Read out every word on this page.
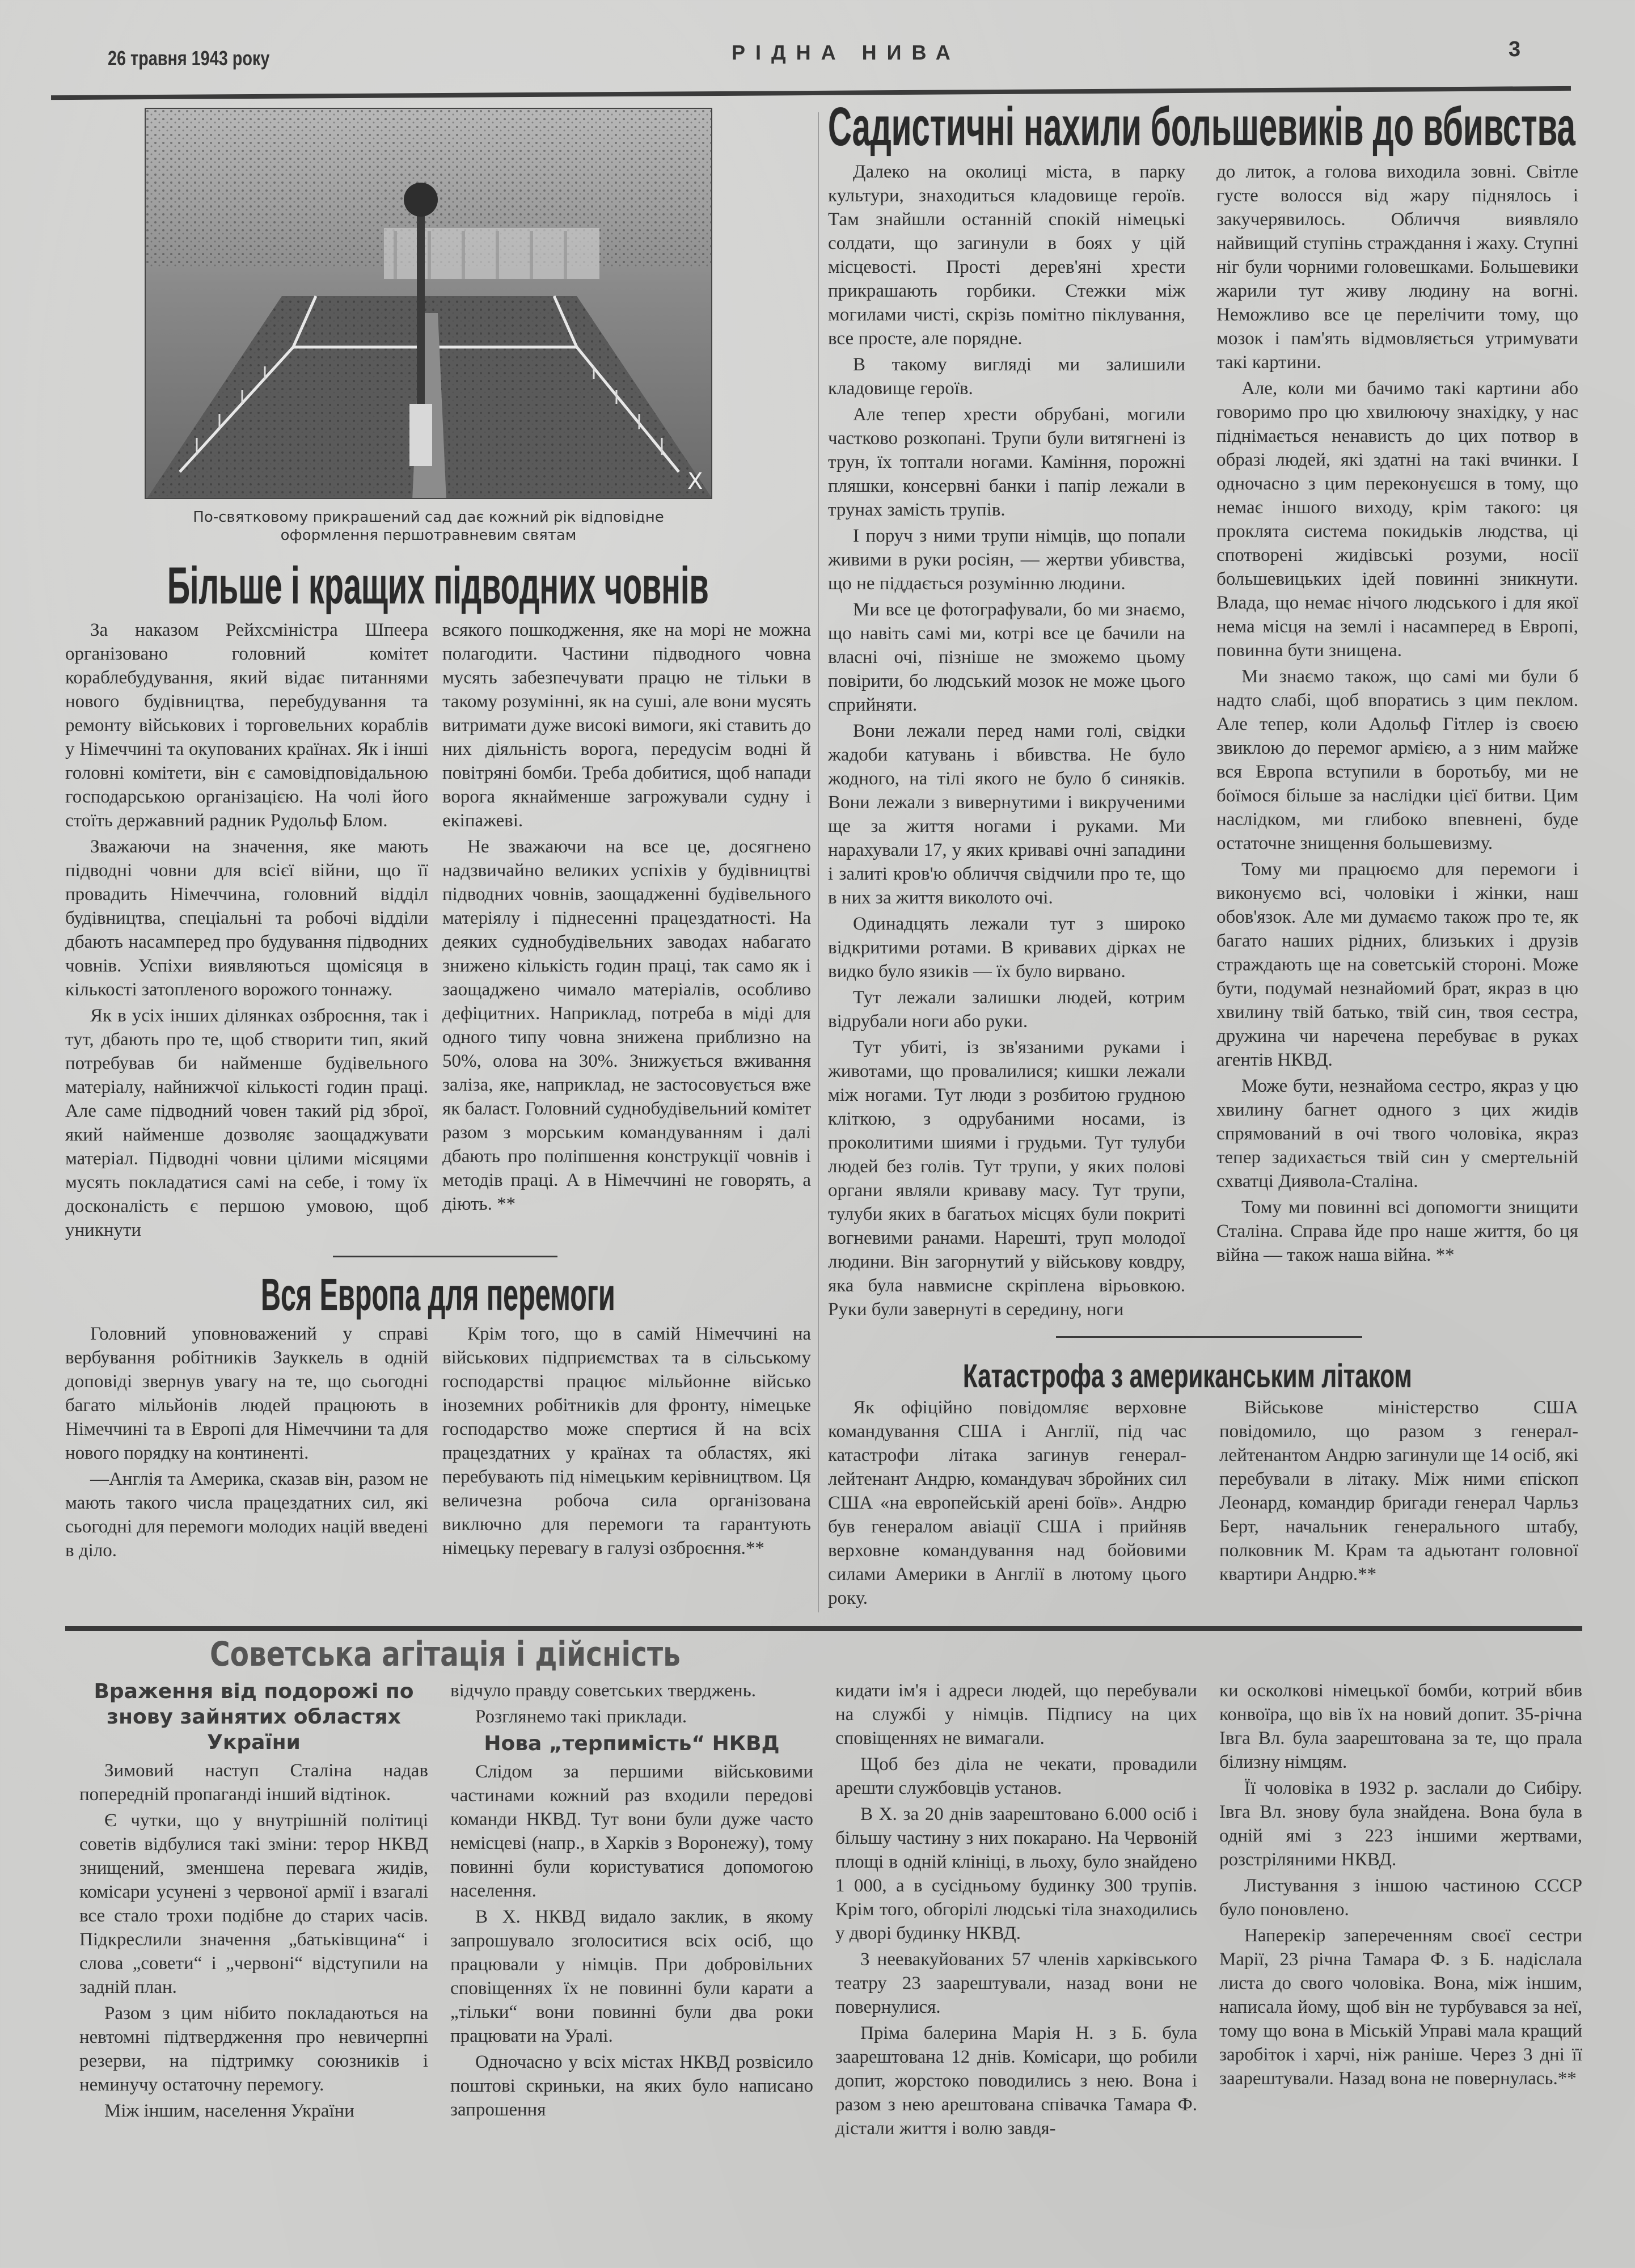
26 травня 1943 року	РІДНА НИВА	3
X
По-святковому прикрашений сад дає кожний рік відповідне оформлення першотравневим святам
Більше і кращих підводних човнів

За наказом Рейхсміністра Шпеера організовано головний комітет кораблебудування, який відає питаннями нового будівництва, перебудування та ремонту військових і торговельних кораблів у Німеччині та окупованих країнах. Як і інші головні комітети, він є самовідповідальною господарською організацією. На чолі його стоїть державний радник Рудольф Блом.

Зважаючи на значення, яке мають підводні човни для всієї війни, що її провадить Німеччина, головний відділ будівництва, спеціальні та робочі відділи дбають насамперед про будування підводних човнів. Успіхи виявляються щомісяця в кількості затопленого ворожого тоннажу.

Як в усіх інших ділянках озброєння, так і тут, дбають про те, щоб створити тип, який потребував би найменше будівельного матеріалу, найнижчої кількості годин праці. Але саме підводний човен такий рід зброї, який найменше дозволяє заощаджувати матеріал. Підводні човни цілими місяцями мусять покладатися самі на себе, і тому їх досконалість є першою умовою, щоб уникнути

всякого пошкодження, яке на морі не можна полагодити. Частини підводного човна мусять забезпечувати працю не тільки в такому розумінні, як на суші, але вони мусять витримати дуже високі вимоги, які ставить до них діяльність ворога, передусім водні й повітряні бомби. Треба добитися, щоб напади ворога якнайменше загрожували судну і екіпажеві.

Не зважаючи на все це, досягнено надзвичайно великих успіхів у будівництві підводних човнів, заощадженні будівельного матеріялу і піднесенні працездатності. На деяких суднобудівельних заводах набагато знижено кількість годин праці, так само як і заощаджено чимало матеріалів, особливо дефіцитних. Наприклад, потреба в міді для одного типу човна знижена приблизно на 50%, олова на 30%. Знижується вживання заліза, яке, наприклад, не застосовується вже як баласт. Головний суднобудівельний комітет разом з морським командуванням і далі дбають про поліпшення конструкції човнів і методів праці. А в Німеччині не говорять, а діють. **

Вся Европа для перемоги

Головний уповноважений у справі вербування робітників Зауккель в одній доповіді звернув увагу на те, що сьогодні багато мільйонів людей працюють в Німеччині та в Европі для Німеччини та для нового порядку на континенті.

—Англія та Америка, сказав він, разом не мають такого числа працездатних сил, які сьогодні для перемоги молодих націй введені в діло.

Крім того, що в самій Німеччині на військових підприємствах та в сільському господарстві працює мільйонне військо іноземних робітників для фронту, німецьке господарство може спертися й на всіх працездатних у країнах та областях, які перебувають під німецьким керівництвом. Ця величезна робоча сила організована виключно для перемоги та гарантують німецьку перевагу в галузі озброєння.**

Садистичні нахили большевиків до вбивства

Далеко на околиці міста, в парку культури, знаходиться кладовище героїв. Там знайшли останній спокій німецькі солдати, що загинули в боях у цій місцевості. Прості дерев'яні хрести прикрашають горбики. Стежки між могилами чисті, скрізь помітно піклування, все просте, але порядне.

В такому вигляді ми залишили кладовище героїв.

Але тепер хрести обрубані, могили частково розкопані. Трупи були витягнені із трун, їх топтали ногами. Каміння, порожні пляшки, консервні банки і папір лежали в трунах замість трупів.

І поруч з ними трупи німців, що попали живими в руки росіян, — жертви убивства, що не піддається розумінню людини.

Ми все це фотографували, бо ми знаємо, що навіть самі ми, котрі все це бачили на власні очі, пізніше не зможемо цьому повірити, бо людський мозок не може цього сприйняти.

Вони лежали перед нами голі, свідки жадоби катувань і вбивства. Не було жодного, на тілі якого не було б синяків. Вони лежали з вивернутими і викрученими ще за життя ногами і руками. Ми нарахували 17, у яких криваві очні западини і залиті кров'ю обличчя свідчили про те, що в них за життя виколото очі.

Одинадцять лежали тут з широко відкритими ротами. В кривавих дірках не видко було язиків — їх було вирвано.

Тут лежали залишки людей, котрим відрубали ноги або руки.

Тут убиті, із зв'язаними руками і животами, що провалилися; кишки лежали між ногами. Тут люди з розбитою грудною кліткою, з одрубаними носами, із проколитими шиями і грудьми. Тут тулуби людей без голів. Тут трупи, у яких полові органи являли криваву масу. Тут трупи, тулуби яких в багатьох місцях були покриті вогневими ранами. Нарешті, труп молодої людини. Він загорнутий у військову ковдру, яка була навмисне скріплена вірьовкою. Руки були завернуті в середину, ноги

до литок, а голова виходила зовні. Світле густе волосся від жару піднялось і закучерявилось. Обличчя виявляло найвищий ступінь страждання і жаху. Ступні ніг були чорними головешками. Большевики жарили тут живу людину на вогні. Неможливо все це перелічити тому, що мозок і пам'ять відмовляється утримувати такі картини.

Але, коли ми бачимо такі картини або говоримо про цю хвилюючу знахідку, у нас піднімається ненависть до цих потвор в образі людей, які здатні на такі вчинки. І одночасно з цим переконуєшся в тому, що немає іншого виходу, крім такого: ця проклята система покидьків людства, ці спотворені жидівські розуми, носії большевицьких ідей повинні зникнути. Влада, що немає нічого людського і для якої нема місця на землі і насамперед в Европі, повинна бути знищена.

Ми знаємо також, що самі ми були б надто слабі, щоб впоратись з цим пеклом. Але тепер, коли Адольф Гітлер із своєю звиклою до перемог армією, а з ним майже вся Европа вступили в боротьбу, ми не боїмося більше за наслідки цієї битви. Цим наслідком, ми глибоко впевнені, буде остаточне знищення большевизму.

Тому ми працюємо для перемоги і виконуємо всі, чоловіки і жінки, наш обов'язок. Але ми думаємо також про те, як багато наших рідних, близьких і друзів страждають ще на советській стороні. Може бути, подумай незнайомий брат, якраз в цю хвилину твій батько, твій син, твоя сестра, дружина чи наречена перебуває в руках агентів НКВД.

Може бути, незнайома сестро, якраз у цю хвилину багнет одного з цих жидів спрямований в очі твого чоловіка, якраз тепер задихається твій син у смертельній схватці Диявола-Сталіна.

Тому ми повинні всі допомогти знищити Сталіна. Справа йде про наше життя, бо ця війна — також наша війна. **

Катастрофа з американським літаком

Як офіційно повідомляє верховне командування США і Англії, під час катастрофи літака загинув генерал-лейтенант Андрю, командувач збройних сил США «на европейській арені боїв». Андрю був генералом авіації США і прийняв верховне командування над бойовими силами Америки в Англії в лютому цього року.

Військове міністерство США повідомило, що разом з генерал-лейтенантом Андрю загинули ще 14 осіб, які перебували в літаку. Між ними єпіскоп Леонард, командир бригади генерал Чарльз Берт, начальник генерального штабу, полковник М. Крам та адьютант головної квартири Андрю.**

Советська агітація і дійсність
Враження від подорожі по знову зайнятих областях України

Зимовий наступ Сталіна надав попередній пропаганді інший відтінок.

Є чутки, що у внутрішній політиці советів відбулися такі зміни: терор НКВД знищений, зменшена перевага жидів, комісари усунені з червоної армії і взагалі все стало трохи подібне до старих часів. Підкреслили значення „батьківщина“ і слова „совети“ і „червоні“ відступили на задній план.

Разом з цим нібито покладаються на невтомні підтвердження про невичерпні резерви, на підтримку союзників і неминучу остаточну перемогу.

Між іншим, населення України

відчуло правду советських тверджень.

Розглянемо такі приклади.

Нова „терпимість“ НКВД

Слідом за першими військовими частинами кожний раз входили передові команди НКВД. Тут вони були дуже часто немісцеві (напр., в Харків з Воронежу), тому повинні були користуватися допомогою населення.

В Х. НКВД видало заклик, в якому запрошувало зголоситися всіх осіб, що працювали у німців. При добровільних сповіщеннях їх не повинні були карати а „тільки“ вони повинні були два роки працювати на Уралі.

Одночасно у всіх містах НКВД розвісило поштові скриньки, на яких було написано запрошення

кидати ім'я і адреси людей, що перебували на службі у німців. Підпису на цих сповіщеннях не вимагали.

Щоб без діла не чекати, провадили арешти службовців установ.

В Х. за 20 днів заарештовано 6.000 осіб і більшу частину з них покарано. На Червоній площі в одній клініці, в льоху, було знайдено 1 000, а в сусідньому будинку 300 трупів. Крім того, обгорілі людські тіла знаходились у дворі будинку НКВД.

З неевакуйованих 57 членів харківського театру 23 заарештували, назад вони не повернулися.

Пріма балерина Марія Н. з Б. була заарештована 12 днів. Комісари, що робили допит, жорстоко поводились з нею. Вона і разом з нею арештована співачка Тамара Ф. дістали життя і волю завдя-

ки осколкові німецької бомби, котрий вбив конвоїра, що вів їх на новий допит. 35-річна Івга Вл. була заарештована за те, що прала білизну німцям.

Її чоловіка в 1932 р. заслали до Сибіру. Івга Вл. знову була знайдена. Вона була в одній ямі з 223 іншими жертвами, розстріляними НКВД.

Листування з іншою частиною СССР було поновлено.

Наперекір запереченням своєї сестри Марії, 23 річна Тамара Ф. з Б. надіслала листа до свого чоловіка. Вона, між іншим, написала йому, щоб він не турбувався за неї, тому що вона в Міській Управі мала кращий заробіток і харчі, ніж раніше. Через 3 дні її заарештували. Назад вона не повернулась.**
